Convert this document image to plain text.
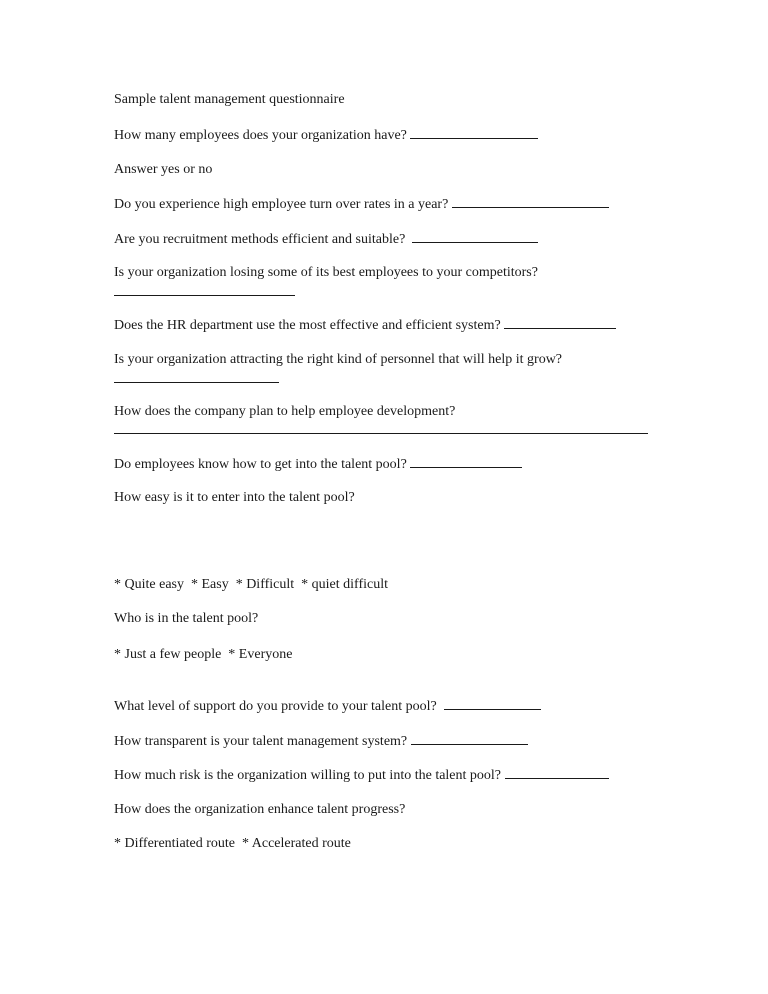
Sample talent management questionnaire
How many employees does your organization have?
Answer yes or no
Do you experience high employee turn over rates in a year?
Are you recruitment methods efficient and suitable?
Is your organization losing some of its best employees to your competitors?
Does the HR department use the most effective and efficient system?
Is your organization attracting the right kind of personnel that will help it grow?
How does the company plan to help employee development?
Do employees know how to get into the talent pool?
How easy is it to enter into the talent pool?
* Quite easy  * Easy  * Difficult  * quiet difficult
Who is in the talent pool?
* Just a few people  * Everyone
What level of support do you provide to your talent pool?
How transparent is your talent management system?
How much risk is the organization willing to put into the talent pool?
How does the organization enhance talent progress?
* Differentiated route  * Accelerated route
